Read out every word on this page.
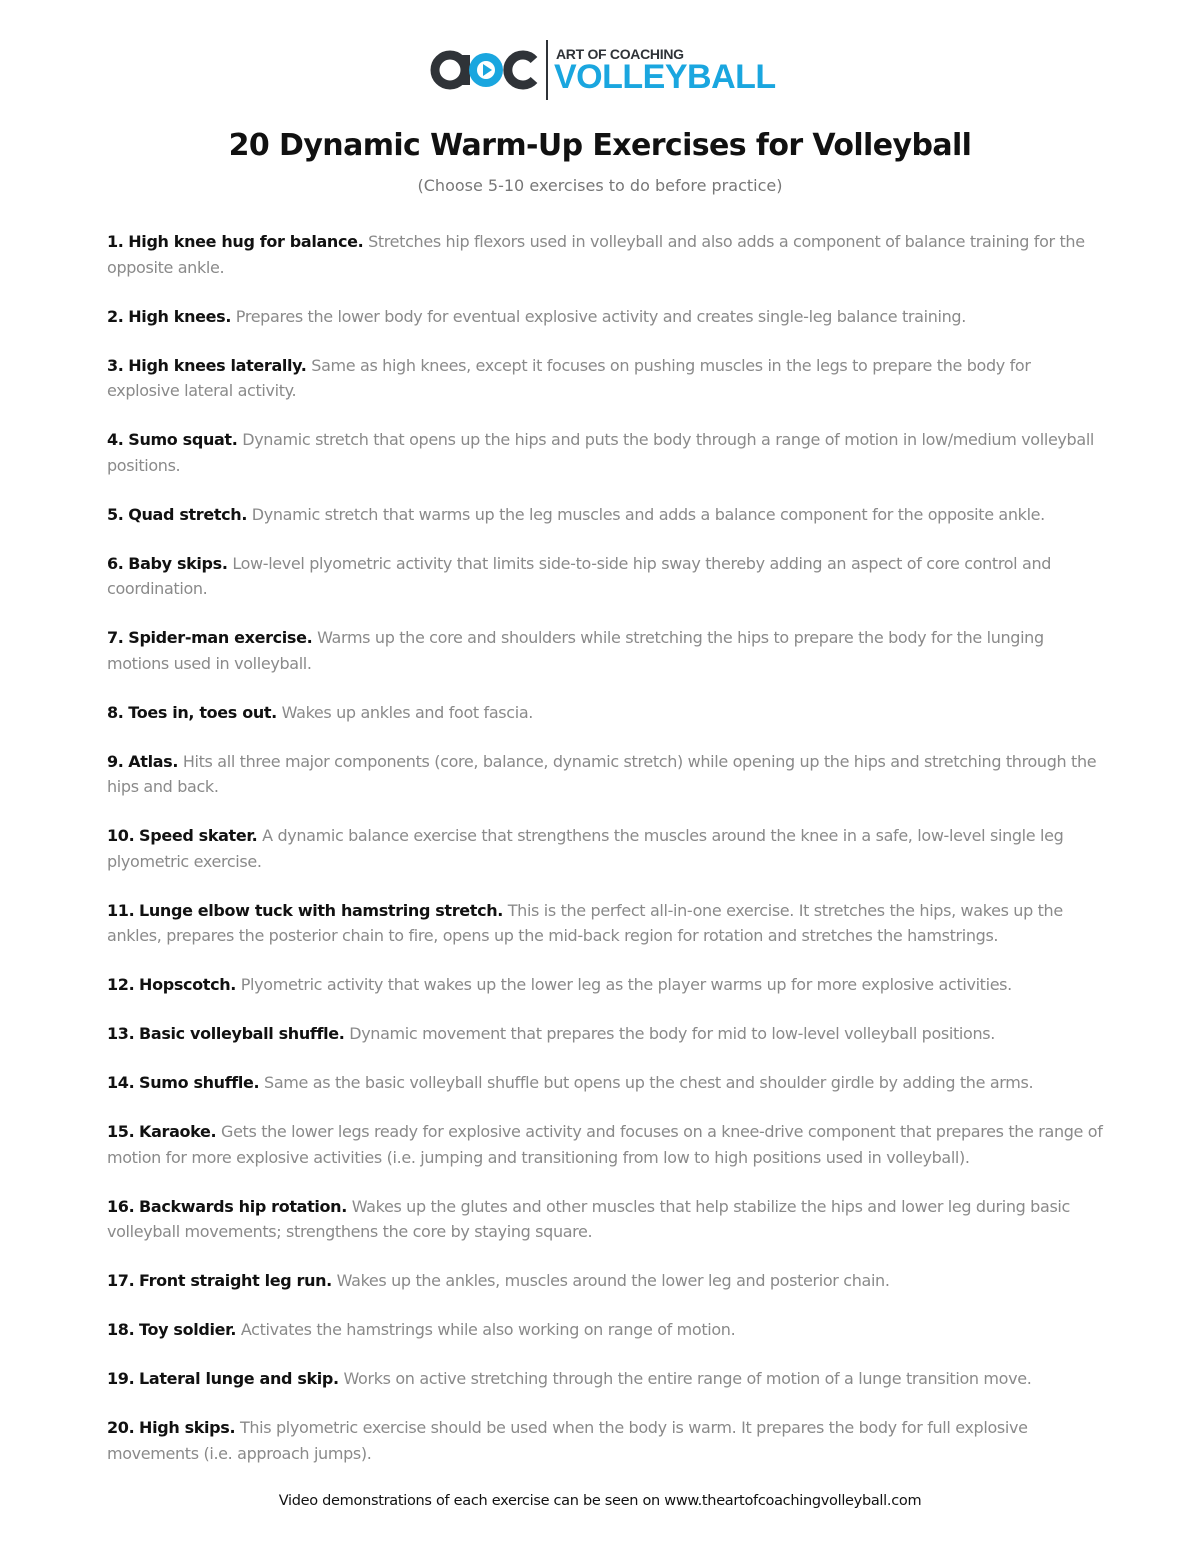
ART OF COACHING
VOLLEYBALL
20 Dynamic Warm-Up Exercises for Volleyball
(Choose 5-10 exercises to do before practice)
1. High knee hug for balance. Stretches hip flexors used in volleyball and also adds a component of balance training for the opposite ankle.
2. High knees. Prepares the lower body for eventual explosive activity and creates single-leg balance training.
3. High knees laterally. Same as high knees, except it focuses on pushing muscles in the legs to prepare the body for explosive lateral activity.
4. Sumo squat. Dynamic stretch that opens up the hips and puts the body through a range of motion in low/medium volleyball positions.
5. Quad stretch. Dynamic stretch that warms up the leg muscles and adds a balance component for the opposite ankle.
6. Baby skips. Low-level plyometric activity that limits side-to-side hip sway thereby adding an aspect of core control and coordination.
7. Spider-man exercise. Warms up the core and shoulders while stretching the hips to prepare the body for the lunging motions used in volleyball.
8. Toes in, toes out. Wakes up ankles and foot fascia.
9. Atlas. Hits all three major components (core, balance, dynamic stretch) while opening up the hips and stretching through the hips and back.
10. Speed skater. A dynamic balance exercise that strengthens the muscles around the knee in a safe, low-level single leg plyometric exercise.
11. Lunge elbow tuck with hamstring stretch. This is the perfect all-in-one exercise. It stretches the hips, wakes up the ankles, prepares the posterior chain to fire, opens up the mid-back region for rotation and stretches the hamstrings.
12. Hopscotch. Plyometric activity that wakes up the lower leg as the player warms up for more explosive activities.
13. Basic volleyball shuffle. Dynamic movement that prepares the body for mid to low-level volleyball positions.
14. Sumo shuffle. Same as the basic volleyball shuffle but opens up the chest and shoulder girdle by adding the arms.
15. Karaoke. Gets the lower legs ready for explosive activity and focuses on a knee-drive component that prepares the range of motion for more explosive activities (i.e. jumping and transitioning from low to high positions used in volleyball).
16. Backwards hip rotation. Wakes up the glutes and other muscles that help stabilize the hips and lower leg during basic volleyball movements; strengthens the core by staying square.
17. Front straight leg run. Wakes up the ankles, muscles around the lower leg and posterior chain.
18. Toy soldier. Activates the hamstrings while also working on range of motion.
19. Lateral lunge and skip. Works on active stretching through the entire range of motion of a lunge transition move.
20. High skips. This plyometric exercise should be used when the body is warm. It prepares the body for full explosive movements (i.e. approach jumps).
Video demonstrations of each exercise can be seen on www.theartofcoachingvolleyball.com
